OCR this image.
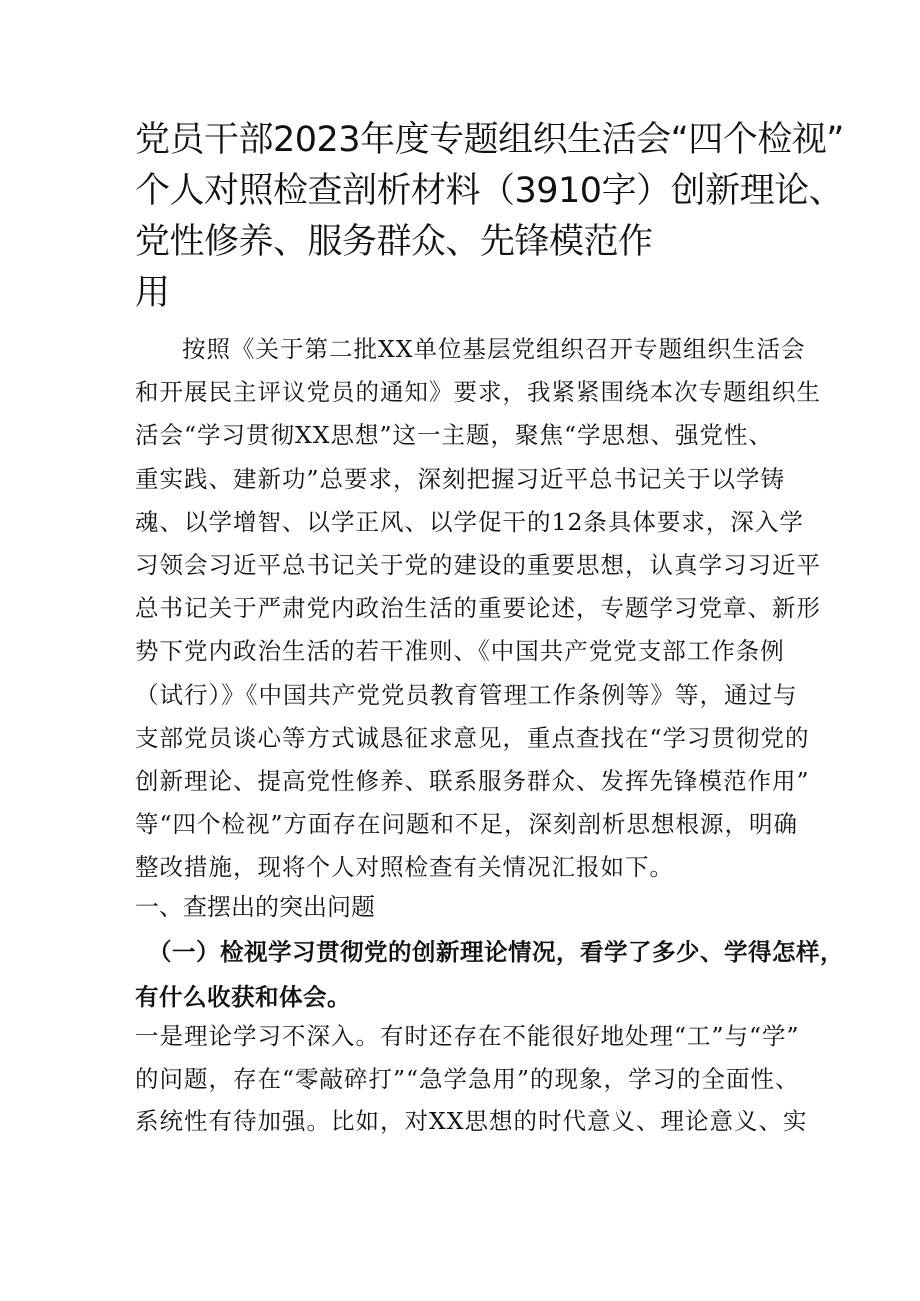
党员干部2023年度专题组织生活会“四个检视”
个人对照检查剖析材料（3910字）创新理论、
党性修养、服务群众、先锋模范作
用

按照《关于第二批XX单位基层党组织召开专题组织生活会
和开展民主评议党员的通知》要求，我紧紧围绕本次专题组织生
活会“学习贯彻XX思想”这一主题，聚焦“学思想、强党性、
重实践、建新功”总要求，深刻把握习近平总书记关于以学铸
魂、以学增智、以学正风、以学促干的12条具体要求，深入学
习领会习近平总书记关于党的建设的重要思想，认真学习习近平
总书记关于严肃党内政治生活的重要论述，专题学习党章、新形
势下党内政治生活的若干准则、《中国共产党党支部工作条例
（试行）》《中国共产党党员教育管理工作条例等》等，通过与
支部党员谈心等方式诚恳征求意见，重点查找在“学习贯彻党的
创新理论、提高党性修养、联系服务群众、发挥先锋模范作用”
等“四个检视”方面存在问题和不足，深刻剖析思想根源，明确
整改措施，现将个人对照检查有关情况汇报如下。

一、查摆出的突出问题
（一）检视学习贯彻党的创新理论情况，看学了多少、学得怎样，
有什么收获和体会。

一是理论学习不深入。有时还存在不能很好地处理“工”与“学”
的问题，存在“零敲碎打”“急学急用”的现象，学习的全面性、
系统性有待加强。比如，对XX思想的时代意义、理论意义、实
